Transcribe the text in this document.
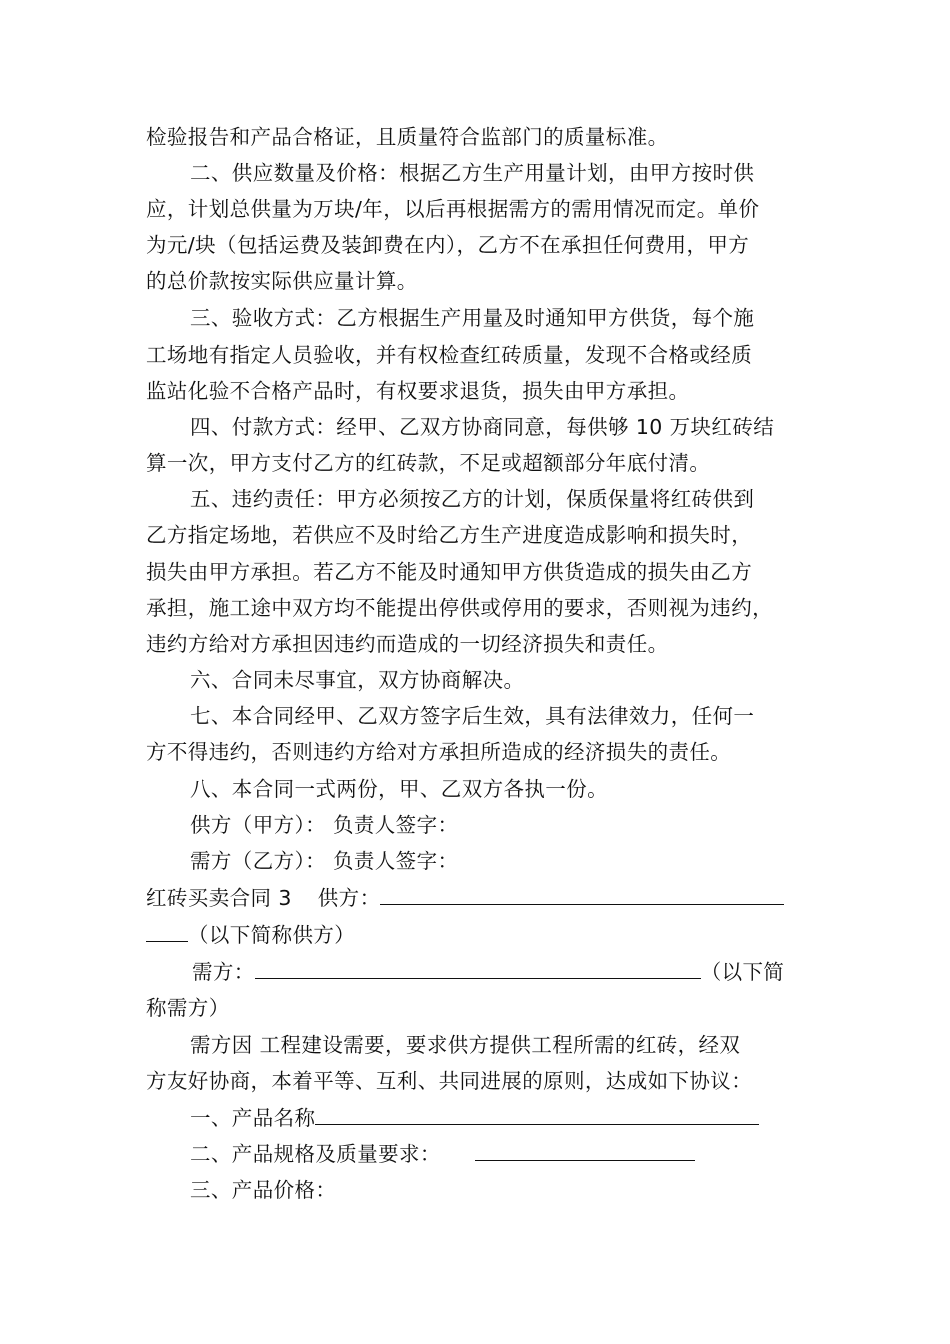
检验报告和产品合格证，且质量符合监部门的质量标准。
二、供应数量及价格：根据乙方生产用量计划，由甲方按时供
应，计划总供量为万块/年，以后再根据需方的需用情况而定。单价
为元/块（包括运费及装卸费在内），乙方不在承担任何费用，甲方
的总价款按实际供应量计算。
三、验收方式：乙方根据生产用量及时通知甲方供货，每个施
工场地有指定人员验收，并有权检查红砖质量，发现不合格或经质
监站化验不合格产品时，有权要求退货，损失由甲方承担。
四、付款方式：经甲、乙双方协商同意，每供够 10 万块红砖结
算一次，甲方支付乙方的红砖款，不足或超额部分年底付清。
五、违约责任：甲方必须按乙方的计划，保质保量将红砖供到
乙方指定场地，若供应不及时给乙方生产进度造成影响和损失时，
损失由甲方承担。若乙方不能及时通知甲方供货造成的损失由乙方
承担，施工途中双方均不能提出停供或停用的要求，否则视为违约，
违约方给对方承担因违约而造成的一切经济损失和责任。
六、合同未尽事宜，双方协商解决。
七、本合同经甲、乙双方签字后生效，具有法律效力，任何一
方不得违约，否则违约方给对方承担所造成的经济损失的责任。
八、本合同一式两份，甲、乙双方各执一份。
供方（甲方）： 负责人签字：
需方（乙方）： 负责人签字：
红砖买卖合同 3 供方：
（以下简称供方）
需方：	（以下简
称需方）
需方因 工程建设需要，要求供方提供工程所需的红砖，经双
方友好协商，本着平等、互利、共同进展的原则，达成如下协议：
一、产品名称
二、产品规格及质量要求：
三、产品价格：
